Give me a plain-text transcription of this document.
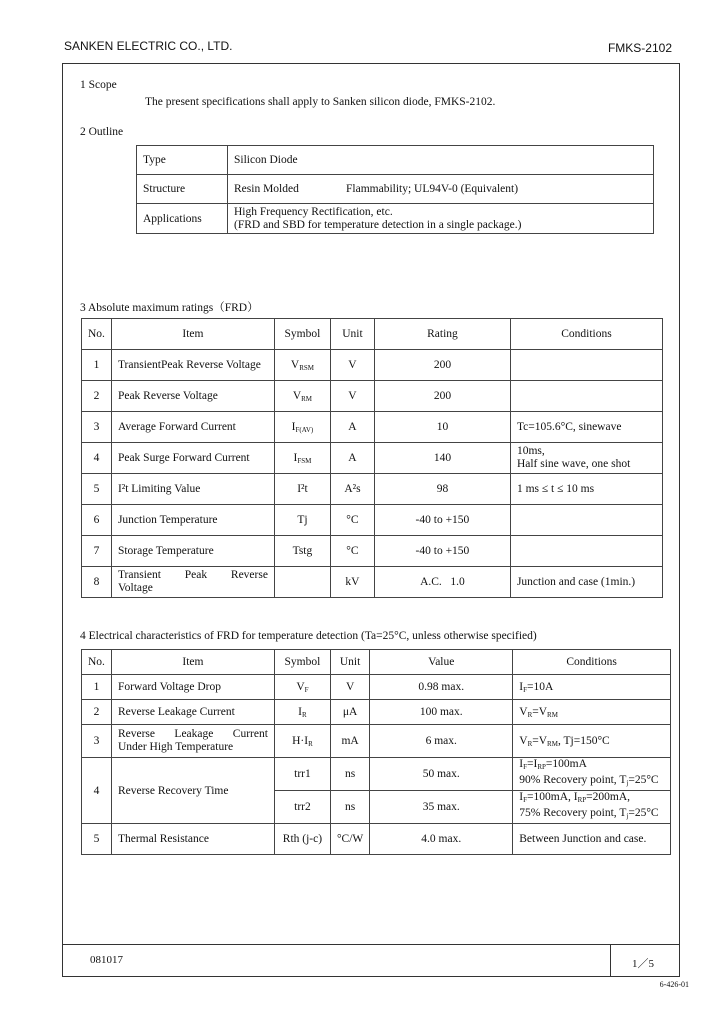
SANKEN ELECTRIC CO., LTD.	FMKS-2102
1 Scope
The present specifications shall apply to Sanken silicon diode, FMKS-2102.
2 Outline
Type	Silicon Diode
Structure	Resin Molded Flammability; UL94V-0 (Equivalent)
Applications	High Frequency Rectification, etc.
(FRD and SBD for temperature detection in a single package.)
3 Absolute maximum ratings（FRD）
No.	Item	Symbol	Unit	Rating	Conditions
1	TransientPeak Reverse Voltage	$V_{RSM}$	V	200	
2	Peak Reverse Voltage	$V_{RM}$	V	200	
3	Average Forward Current	$I_{F(AV)}$	A	10	Tc=105.6°C, sinewave
4	Peak Surge Forward Current	$I_{FSM}$	A	140	10ms,
Half sine wave, one shot

5	I²t Limiting Value	I²t	A²s	98	1 ms ≤ t ≤ 10 ms
6	Junction Temperature	Tj	°C	-40 to +150	
7	Storage Temperature	Tstg	°C	-40 to +150	
8	Transient Peak Reverse
Voltage		kV	A.C.   1.0	Junction and case (1min.)
4 Electrical characteristics of FRD for temperature detection (Ta=25°C, unless otherwise specified)
No.	Item	Symbol	Unit	Value	Conditions
1	Forward Voltage Drop	$V_F$	V	0.98 max.	$I_F=10A$
2	Reverse Leakage Current	$I_R$	μA	100 max.	$V_R=V_{RM}$
3	Reverse Leakage Current
Under High Temperature	$H\cdot I_R$	mA	6 max.	$V_R=V_{RM}$, Tj=150°C
4	Reverse Recovery Time	trr1	ns	50 max.	$I_F=I_{RP}=100mA$
90% Recovery point, $T_j=25^\circ C$

		trr2	ns	35 max.	$I_F=100mA$, $I_{RP}=200mA$,
75% Recovery point, $T_j=25^\circ C$

5	Thermal Resistance	Rth (j-c)	°C/W	4.0 max.	Between Junction and case.
081017	1／5
6-426-01
